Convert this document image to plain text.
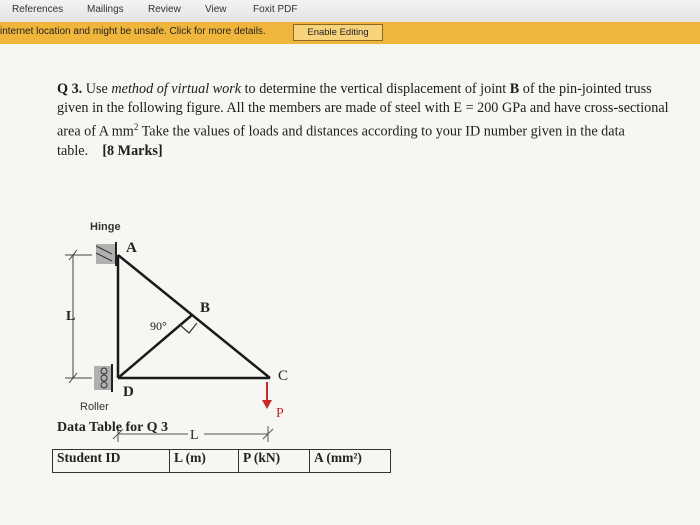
References Mailings Review View	Foxit PDF
internet location and might be unsafe. Click for more details.	Enable Editing
Q 3. Use method of virtual work to determine the vertical displacement of joint B of the pin-jointed truss given in the following figure. All the members are made of steel with E = 200 GPa and have cross-sectional area of A $mm^2$ Take the values of loads and distances according to your ID number given in the data table. [8 Marks]
Hinge
Roller
L
A
B
C
D
90°
P
L
Data Table for Q 3
Student ID	L (m)	P (kN)	A (mm²)
